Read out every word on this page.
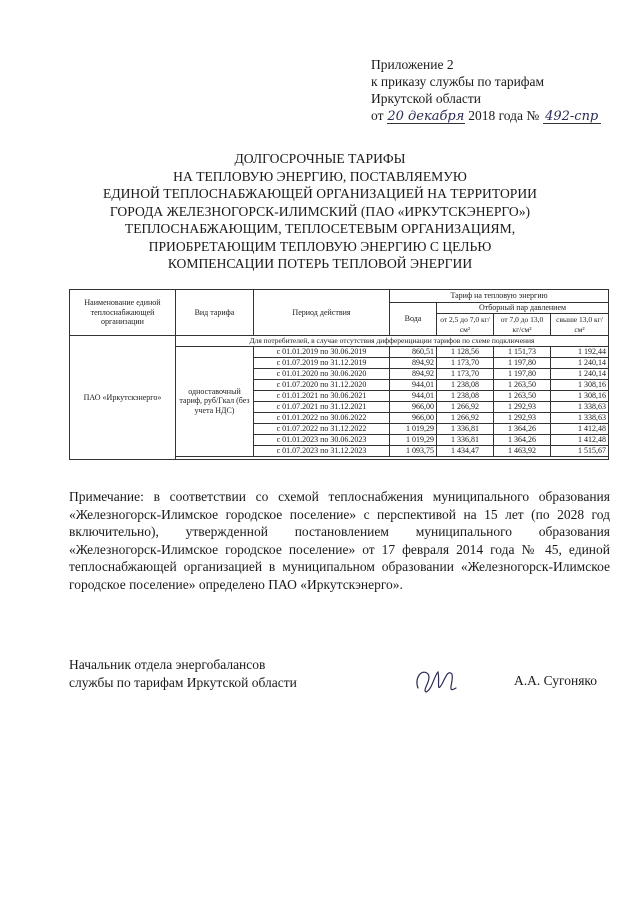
Приложение 2
к приказу службы по тарифам
Иркутской области
от 20 декабря 2018 года № 492-спр
ДОЛГОСРОЧНЫЕ ТАРИФЫ
НА ТЕПЛОВУЮ ЭНЕРГИЮ, ПОСТАВЛЯЕМУЮ
ЕДИНОЙ ТЕПЛОСНАБЖАЮЩЕЙ ОРГАНИЗАЦИЕЙ НА ТЕРРИТОРИИ
ГОРОДА ЖЕЛЕЗНОГОРСК-ИЛИМСКИЙ (ПАО «ИРКУТСКЭНЕРГО»)
ТЕПЛОСНАБЖАЮЩИМ, ТЕПЛОСЕТЕВЫМ ОРГАНИЗАЦИЯМ,
ПРИОБРЕТАЮЩИМ ТЕПЛОВУЮ ЭНЕРГИЮ С ЦЕЛЬЮ
КОМПЕНСАЦИИ ПОТЕРЬ ТЕПЛОВОЙ ЭНЕРГИИ
Наименование единой теплоснабжающей организации	Вид тарифа	Период действия	Тариф на тепловую энергию			
			Вода	Отборный пар давлением		
				от 2,5 до 7,0 кг/см²	от 7,0 до 13,0 кг/см²	свыше 13,0 кг/см²
ПАО «Иркутскэнерго»	Для потребителей, в случае отсутствия дифференциации тарифов по схеме подключения					
	одноставочный тариф, руб/Гкал (без учета НДС)	с 01.01.2019 по 30.06.2019	860,51	1 128,56	1 151,73	1 192,44
		с 01.07.2019 по 31.12.2019	894,92	1 173,70	1 197,80	1 240,14
		с 01.01.2020 по 30.06.2020	894,92	1 173,70	1 197,80	1 240,14
		с 01.07.2020 по 31.12.2020	944,01	1 238,08	1 263,50	1 308,16
		с 01.01.2021 по 30.06.2021	944,01	1 238,08	1 263,50	1 308,16
		с 01.07.2021 по 31.12.2021	966,00	1 266,92	1 292,93	1 338,63
		с 01.01.2022 по 30.06.2022	966,00	1 266,92	1 292,93	1 338,63
		с 01.07.2022 по 31.12.2022	1 019,29	1 336,81	1 364,26	1 412,48
		с 01.01.2023 по 30.06.2023	1 019,29	1 336,81	1 364,26	1 412,48
		с 01.07.2023 по 31.12.2023	1 093,75	1 434,47	1 463,92	1 515,67

Примечание: в соответствии со схемой теплоснабжения муниципального образования «Железногорск-Илимское городское поселение» с перспективой на 15 лет (по 2028 год включительно), утвержденной постановлением муниципального образования «Железногорск-Илимское городское поселение» от 17 февраля 2014 года № 45, единой теплоснабжающей организацией в муниципальном образовании «Железногорск-Илимское городское поселение» определено ПАО «Иркутскэнерго».
Начальник отдела энергобалансов
службы по тарифам Иркутской области	А.А. Сугоняко
